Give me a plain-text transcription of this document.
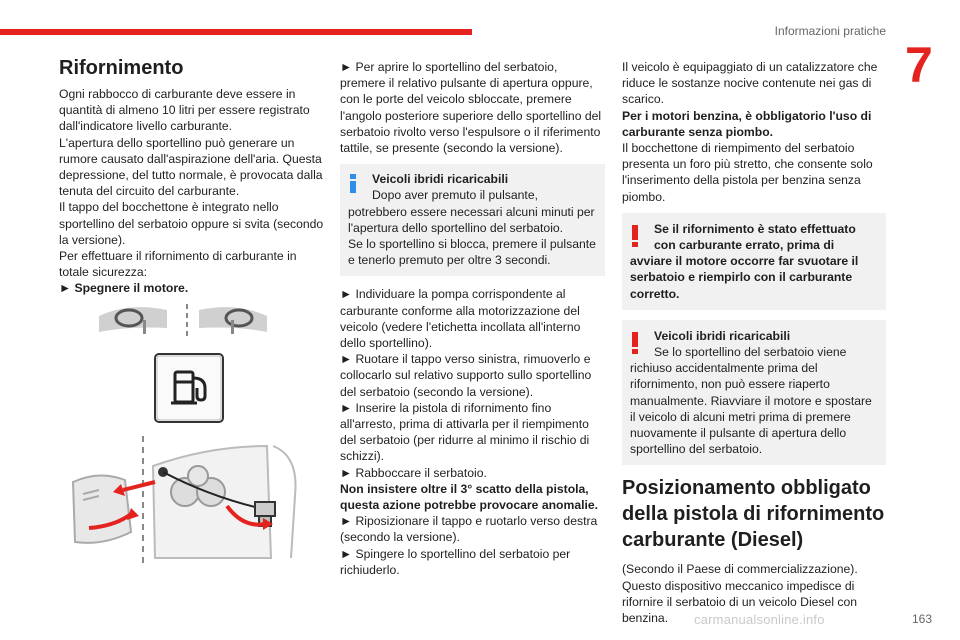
Informazioni pratiche
7
Rifornimento
Ogni rabbocco di carburante deve essere in
quantità di almeno 10 litri per essere registrato
dall'indicatore livello carburante.
L'apertura dello sportellino può generare un
rumore causato dall'aspirazione dell'aria. Questa
depressione, del tutto normale, è provocata dalla
tenuta del circuito del carburante.
Il tappo del bocchettone è integrato nello
sportellino del serbatoio oppure si svita (secondo
la versione).
Per effettuare il rifornimento di carburante in
totale sicurezza:
► Spegnere il motore.
► Per aprire lo sportellino del serbatoio,
premere il relativo pulsante di apertura oppure,
con le porte del veicolo sbloccate, premere
l'angolo posteriore superiore dello sportellino del
serbatoio rivolto verso l'espulsore o il riferimento
tattile, se presente (secondo la versione).
Veicoli ibridi ricaricabili
Dopo aver premuto il pulsante,
potrebbero essere necessari alcuni minuti per
l'apertura dello sportellino del serbatoio.
Se lo sportellino si blocca, premere il pulsante
e tenerlo premuto per oltre 3 secondi.
► Individuare la pompa corrispondente al
carburante conforme alla motorizzazione del
veicolo (vedere l'etichetta incollata all'interno
dello sportellino).
► Ruotare il tappo verso sinistra, rimuoverlo e
collocarlo sul relativo supporto sullo sportellino
del serbatoio (secondo la versione).
► Inserire la pistola di rifornimento fino
all'arresto, prima di attivarla per il riempimento
del serbatoio (per ridurre al minimo il rischio di
schizzi).
► Rabboccare il serbatoio.
Non insistere oltre il 3° scatto della pistola,
questa azione potrebbe provocare anomalie.
► Riposizionare il tappo e ruotarlo verso destra
(secondo la versione).
► Spingere lo sportellino del serbatoio per
richiuderlo.
Il veicolo è equipaggiato di un catalizzatore che
riduce le sostanze nocive contenute nei gas di
scarico.
Per i motori benzina, è obbligatorio l'uso di
carburante senza piombo.
Il bocchettone di riempimento del serbatoio
presenta un foro più stretto, che consente solo
l'inserimento della pistola per benzina senza
piombo.
Se il rifornimento è stato effettuato
con carburante errato, prima di
avviare il motore occorre far svuotare il
serbatoio e riempirlo con il carburante
corretto.
Veicoli ibridi ricaricabili
Se lo sportellino del serbatoio viene
richiuso accidentalmente prima del
rifornimento, non può essere riaperto
manualmente. Riavviare il motore e spostare
il veicolo di alcuni metri prima di premere
nuovamente il pulsante di apertura dello
sportellino del serbatoio.
Posizionamento obbligato
della pistola di rifornimento
carburante (Diesel)
(Secondo il Paese di commercializzazione).
Questo dispositivo meccanico impedisce di
rifornire il serbatoio di un veicolo Diesel con
benzina.	carmanualsonline.info	163
